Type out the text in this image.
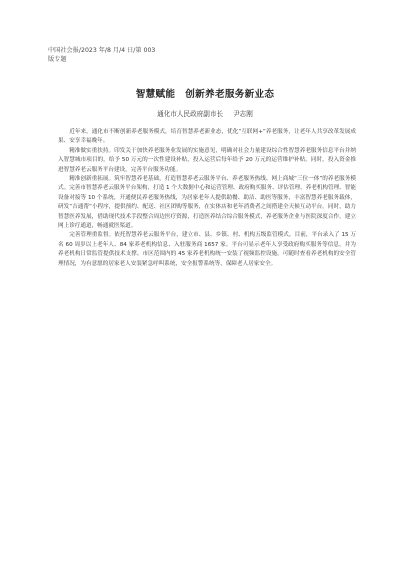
中国社会报/2023 年/8 月/4 日/第 003
版专题
智慧赋能 创新养老服务新业态
通化市人民政府副市长 尹志刚

近年来，通化市不断创新养老服务模式，培育智慧养老新业态，优化“互联网+”养老服务，让老年人共享改革发展成果、安享幸福晚年。

精准做实重扶持。印发关于加快养老服务业发展的实施意见，明确对社会力量建设综合性智慧养老服务信息平台并纳入智慧城市项目的，给予 50 万元的一次性建设补贴，投入运营后每年给予 20 万元的运营维护补贴。同时，投入资金推进智慧养老云服务平台建设，完善平台服务功能。

精准创新重拓展。筑牢智慧养老基础，打造智慧养老云服务平台、养老服务热线、网上商城“三位一体”的养老服务模式。完善市智慧养老云服务平台架构，打造 1 个大数据中心和运营管理、政府购买服务、评估管理、养老机构管理、智能设备对接等 10 个系统，开通便民养老服务热线，为居家老年人提供助餐、助洁、助医等服务，丰富智慧养老服务载体，研发“吉通帮”小程序，提供预约、配送、社区团购等服务，在实体店和老年消费者之间搭建全天候互动平台。同时，助力智慧医养发展，借助现代技术手段整合周边医疗资源，打造医养结合综合服务模式，养老服务企业与医院深度合作，建立网上诊疗通道，畅通就医渠道。

完善管理重监督。依托智慧养老云服务平台，建立市、县、乡镇、村、机构五级监管模式。目前，平台录入了 15 万名 60 周岁以上老年人、84 家养老机构信息、入驻服务商 1657 家。平台可显示老年人享受政府购买服务等信息，并为养老机构日常监管提供技术支撑。市区范围内的 45 家养老机构统一安装了视频监控设施，可随时查看养老机构的安全管理情况，为有意愿的居家老人安装紧急呼叫系统，安全报警系统等，保障老人居家安全。
